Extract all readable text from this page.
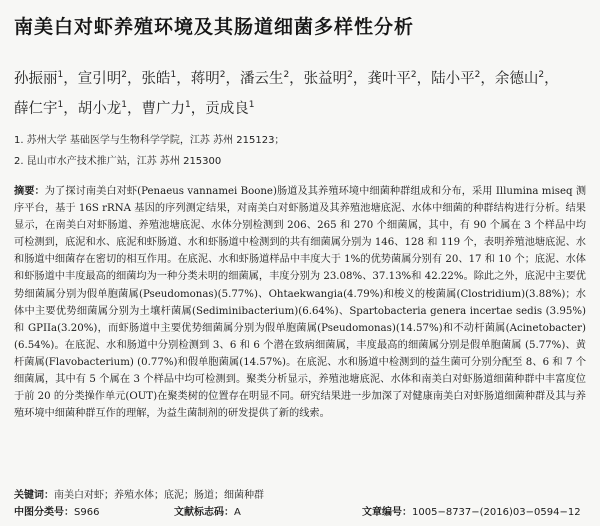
南美白对虾养殖环境及其肠道细菌多样性分析
孙振丽$^1$，宣引明$^2$，张皓$^1$，蒋明$^2$，潘云生$^2$，张益明$^2$，龚叶平$^2$，陆小平$^2$，余德山$^2$，薛仁宇$^1$，胡小龙$^1$，曹广力$^1$，贡成良$^1$
1. 苏州大学 基础医学与生物科学学院，江苏 苏州 215123；
2. 昆山市水产技术推广站，江苏 苏州 215300
摘要：为了探讨南美白对虾(Penaeus vannamei Boone)肠道及其养殖环境中细菌种群组成和分布，采用 Illumina miseq 测序平台，基于 16S rRNA 基因的序列测定结果，对南美白对虾肠道及其养殖池塘底泥、水体中细菌的种群结构进行分析。结果显示，在南美白对虾肠道、养殖池塘底泥、水体分别检测到 206、265 和 270 个细菌属，其中，有 90 个属在 3 个样品中均可检测到，底泥和水、底泥和虾肠道、水和虾肠道中检测到的共有细菌属分别为 146、128 和 119 个，表明养殖池塘底泥、水和肠道中细菌存在密切的相互作用。在底泥、水和虾肠道样品中丰度大于 1%的优势菌属分别有 20、17 和 10 个；底泥、水体和虾肠道中丰度最高的细菌均为一种分类未明的细菌属，丰度分别为 23.08%、37.13%和 42.22%。除此之外，底泥中主要优势细菌属分别为假单胞菌属(Pseudomonas)(5.77%)、Ohtaekwangia(4.79%)和梭义的梭菌属(Clostridium)(3.88%)；水体中主要优势细菌属分别为土壤杆菌属(Sediminibacterium)(6.64%)、Spartobacteria genera incertae sedis (3.95%)和 GPIIa(3.20%)，而虾肠道中主要优势细菌属分别为假单胞菌属(Pseudomonas)(14.57%)和不动杆菌属(Acinetobacter)(6.54%)。在底泥、水和肠道中分别检测到 3、6 和 6 个潜在致病细菌属，丰度最高的细菌属分别是假单胞菌属 (5.77%)、黄杆菌属(Flavobacterium) (0.77%)和假单胞菌属(14.57%)。在底泥、水和肠道中检测到的益生菌可分别分配至 8、6 和 7 个细菌属，其中有 5 个属在 3 个样品中均可检测到。聚类分析显示，养殖池塘底泥、水体和南美白对虾肠道细菌种群中丰富度位于前 20 的分类操作单元(OUT)在聚类树的位置存在明显不同。研究结果进一步加深了对健康南美白对虾肠道细菌种群及其与养殖环境中细菌种群互作的理解，为益生菌制剂的研发提供了新的线索。
关键词：南美白对虾；养殖水体；底泥；肠道；细菌种群
中图分类号： S966	文献标志码： A	文章编号： 1005−8737−(2016)03−0594−12
